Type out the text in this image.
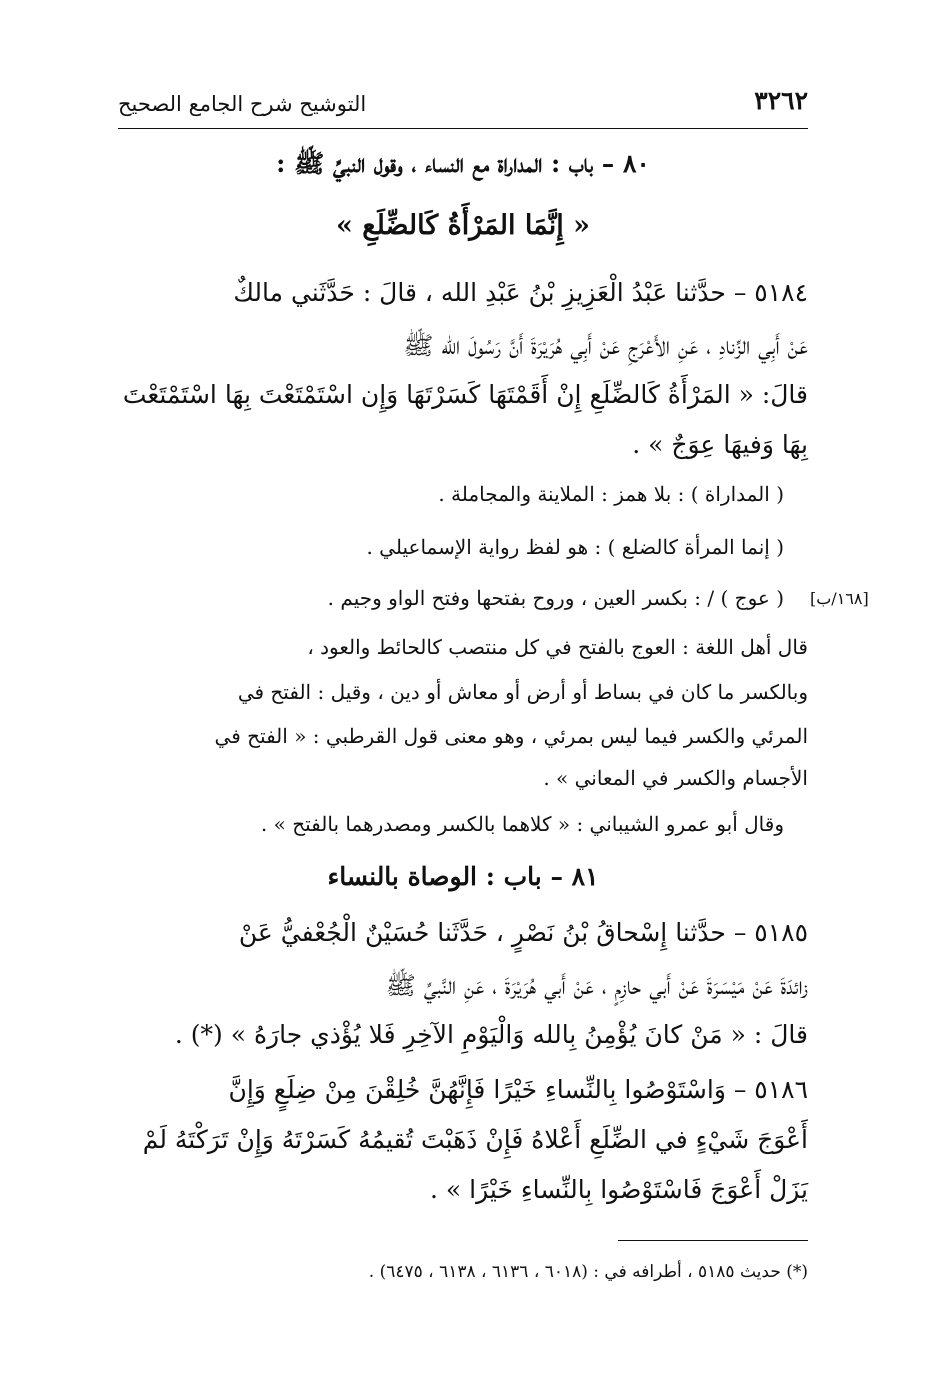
التوشيح شرح الجامع الصحيح	٣٢٦٢
٨٠ – باب : المداراة مع النساء ، وقول النبيِّ ﷺ :
« إِنَّمَا المَرْأَةُ كَالضِّلَعِ »
٥١٨٤ – حدَّثنا عَبْدُ الْعَزِيزِ بْنُ عَبْدِ الله ، قالَ : حَدَّثَني مالكٌ
عَنْ أَبِي الزِّنادِ ، عَنِ الأَعْرَجِ عَنْ أَبِي هُرَيْرَةَ أَنَّ رَسُولَ الله ﷺ
قالَ: « المَرْأَةُ كَالضِّلَعِ إِنْ أَقَمْتَهَا كَسَرْتَهَا وَإِن اسْتَمْتَعْتَ بِهَا اسْتَمْتَعْتَ
بِهَا وَفيهَا عِوَجٌ » .
( المداراة ) : بلا همز : الملاينة والمجاملة .
( إنما المرأة كالضلع ) : هو لفظ رواية الإسماعيلي .
( عوج ) / : بكسر العين ، وروح بفتحها وفتح الواو وجيم . [١٦٨/ب]
قال أهل اللغة : العوج بالفتح في كل منتصب كالحائط والعود ،
وبالكسر ما كان في بساط أو أرض أو معاش أو دين ، وقيل : الفتح في
المرئي والكسر فيما ليس بمرئي ، وهو معنى قول القرطبي : « الفتح في
الأجسام والكسر في المعاني » .
وقال أبو عمرو الشيباني : « كلاهما بالكسر ومصدرهما بالفتح » .
٨١ – باب : الوصاة بالنساء
٥١٨٥ – حدَّثنا إِسْحاقُ بْنُ نَصْرٍ ، حَدَّثَنا حُسَيْنٌ الْجُعْفيُّ عَنْ
زائدَةَ عَنْ مَيْسَرَةَ عَنْ أَبي حازِمٍ ، عَنْ أَبي هُرَيْرَةَ ، عَنِ النَّبيِّ ﷺ
قالَ : « مَنْ كانَ يُؤْمِنُ بِالله وَالْيَوْمِ الآخِرِ فَلا يُؤْذي جارَهُ » (*) .
٥١٨٦ – وَاسْتَوْصُوا بِالنِّساءِ خَيْرًا فَإِنَّهُنَّ خُلِقْنَ مِنْ ضِلَعٍ وَإِنَّ
أَعْوَجَ شَيْءٍ في الضِّلَعِ أَعْلاهُ فَإِنْ ذَهَبْتَ تُقيمُهُ كَسَرْتَهُ وَإِنْ تَرَكْتَهُ لَمْ
يَزَلْ أَعْوَجَ فَاسْتَوْصُوا بِالنِّساءِ خَيْرًا » .
(*) حديث ٥١٨٥ ، أطرافه في : (٦٠١٨ ، ٦١٣٦ ، ٦١٣٨ ، ٦٤٧٥) .
